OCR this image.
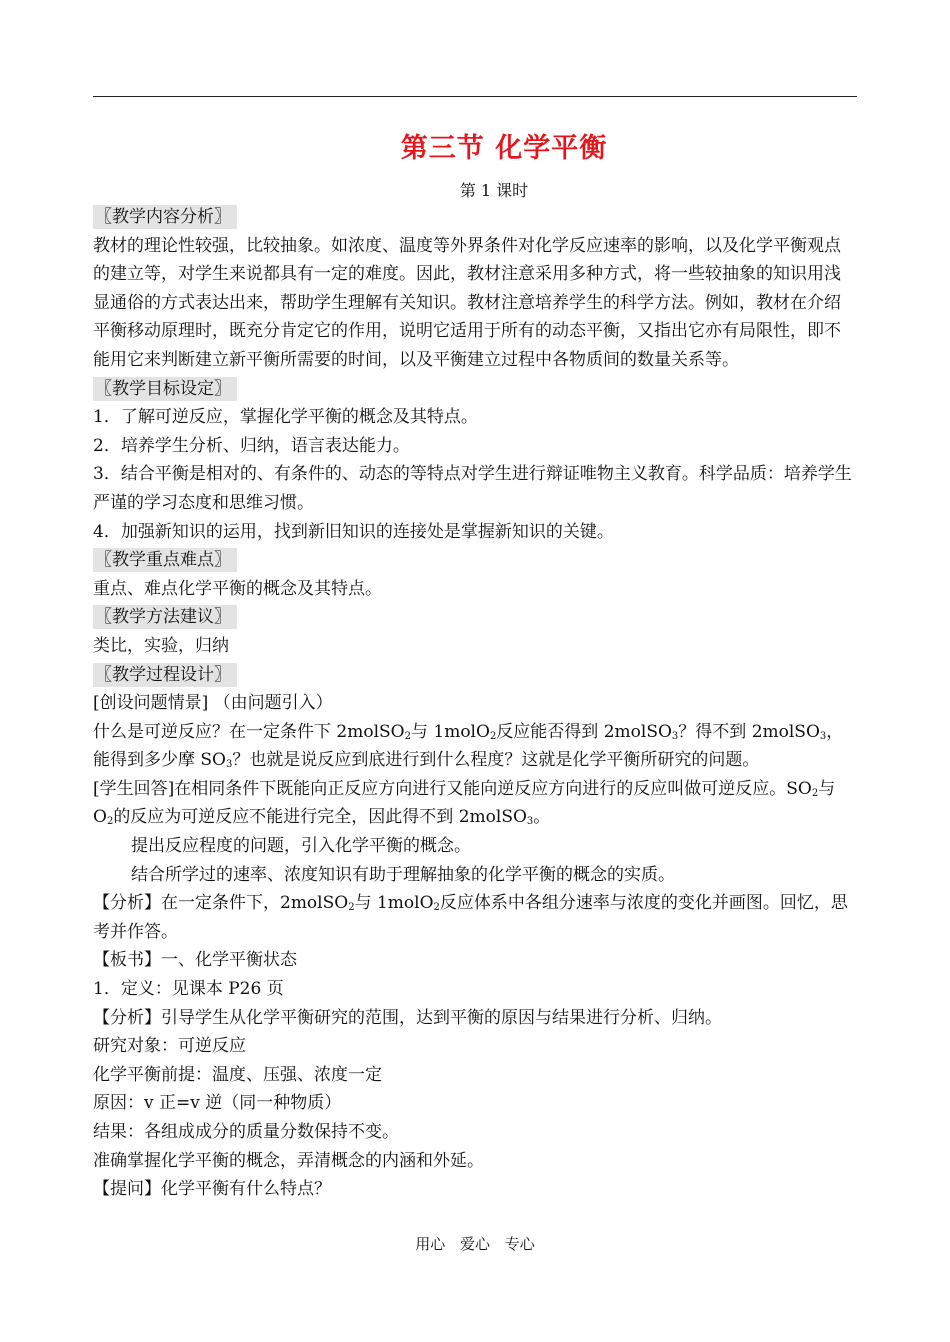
第三节 化学平衡
第 1 课时

〖教学内容分析〗

教材的理论性较强，比较抽象。如浓度、温度等外界条件对化学反应速率的影响，以及化学平衡观点的建立等，对学生来说都具有一定的难度。因此，教材注意采用多种方式，将一些较抽象的知识用浅显通俗的方式表达出来，帮助学生理解有关知识。教材注意培养学生的科学方法。例如，教材在介绍平衡移动原理时，既充分肯定它的作用，说明它适用于所有的动态平衡，又指出它亦有局限性，即不能用它来判断建立新平衡所需要的时间，以及平衡建立过程中各物质间的数量关系等。

〖教学目标设定〗

1．了解可逆反应，掌握化学平衡的概念及其特点。

2．培养学生分析、归纳，语言表达能力。

3．结合平衡是相对的、有条件的、动态的等特点对学生进行辩证唯物主义教育。科学品质：培养学生严谨的学习态度和思维习惯。

4．加强新知识的运用，找到新旧知识的连接处是掌握新知识的关键。

〖教学重点难点〗

重点、难点化学平衡的概念及其特点。

〖教学方法建议〗

类比，实验，归纳

〖教学过程设计〗

[创设问题情景] （由问题引入）

什么是可逆反应？在一定条件下 2molSO$_2$与 1molO$_2$反应能否得到 2molSO$_3$？得不到 2molSO$_3$，能得到多少摩 $SO_3$？也就是说反应到底进行到什么程度？这就是化学平衡所研究的问题。

[学生回答]在相同条件下既能向正反应方向进行又能向逆反应方向进行的反应叫做可逆反应。$SO_2$与 $O_2$的反应为可逆反应不能进行完全，因此得不到 2molSO$_3$。

提出反应程度的问题，引入化学平衡的概念。

结合所学过的速率、浓度知识有助于理解抽象的化学平衡的概念的实质。

【分析】在一定条件下，2molSO$_2$与 1molO$_2$反应体系中各组分速率与浓度的变化并画图。回忆，思考并作答。

【板书】一、化学平衡状态

1．定义：见课本 P26 页

【分析】引导学生从化学平衡研究的范围，达到平衡的原因与结果进行分析、归纳。

研究对象：可逆反应

化学平衡前提：温度、压强、浓度一定

原因：v 正=v 逆（同一种物质）

结果：各组成成分的质量分数保持不变。

准确掌握化学平衡的概念，弄清概念的内涵和外延。

【提问】化学平衡有什么特点？

用心 爱心 专心
